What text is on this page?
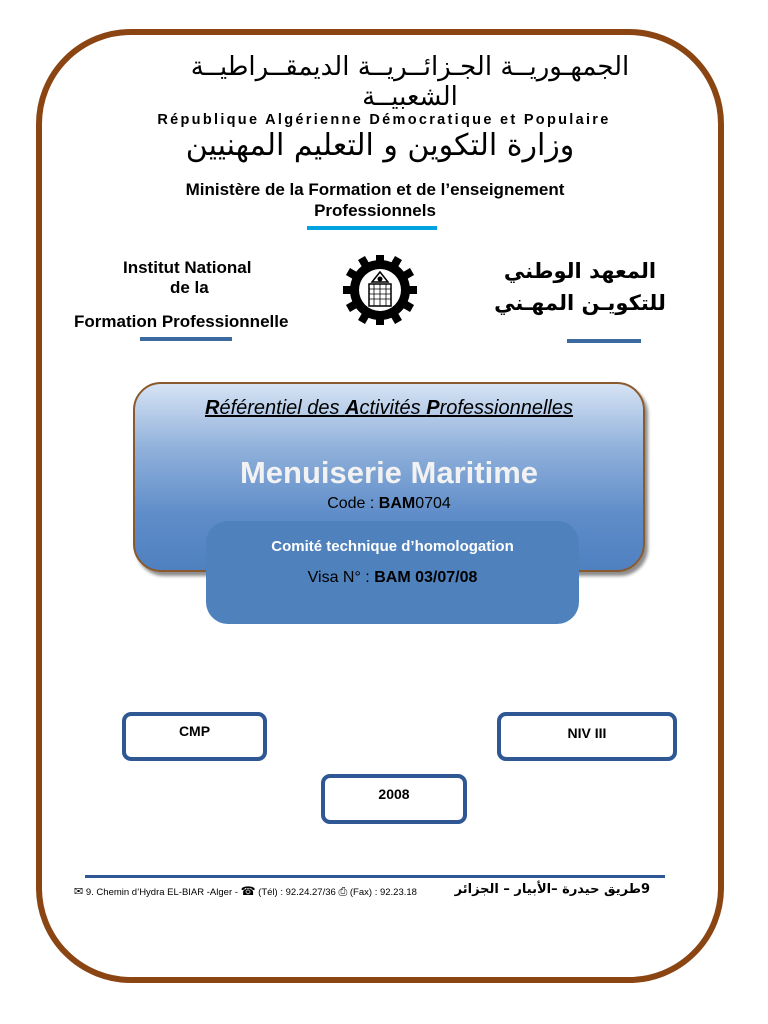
الجمهـوريــة الجـزائــريــة الديمقــراطيــة الشعبيــة
République Algérienne Démocratique et Populaire
وزارة التكوين و التعليم المهنيين
Ministère de la Formation et de l’enseignement
Professionnels
Institut National
de la
Formation Professionnelle
المعهد الوطني
للتكويـن المهـني
Référentiel des Activités Professionnelles
Menuiserie Maritime
Code : BAM0704
Comité technique d’homologation
Visa N° : BAM 03/07/08
CMP	NIV III
2008
✉ 9. Chemin d’Hydra EL-BIAR -Alger - ☎ (Tél) : 92.24.27/36 ⎙ (Fax) : 92.23.18	9طريق حيدرة –الأبيار – الجزائر
